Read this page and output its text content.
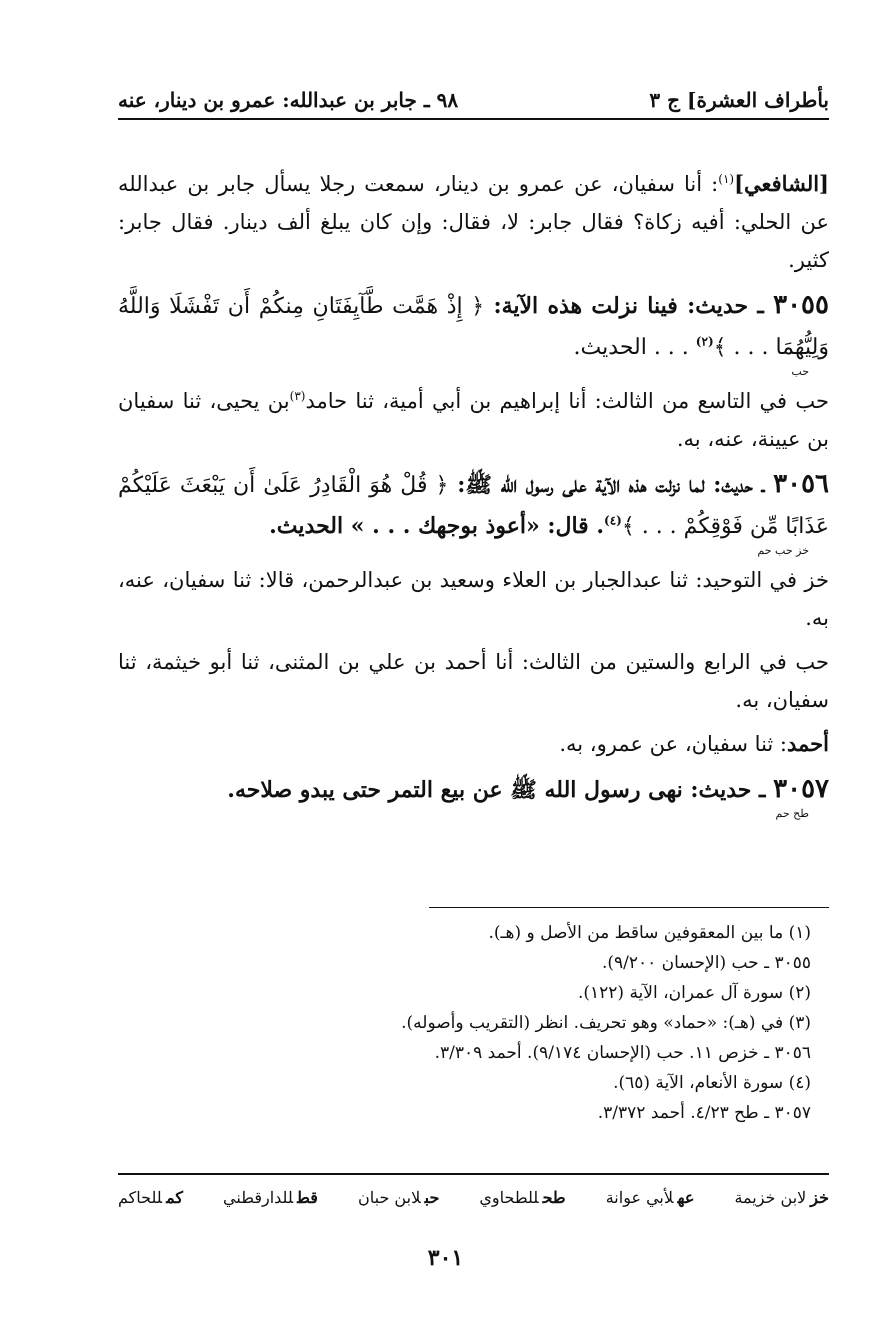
بأطراف العشرة] ج ٣
٩٨ ـ جابر بن عبدالله: عمرو بن دينار، عنه

[الشافعي]$^{(١)}$: أنا سفيان، عن عمرو بن دينار، سمعت رجلا يسأل جابر بن عبدالله عن الحلي: أفيه زكاة؟ فقال جابر: لا، فقال: وإن كان يبلغ ألف دينار. فقال جابر: كثير.

٣٠٥٥ ـ حديث: فينا نزلت هذه الآية: ﴿ إِذْ هَمَّت طَّآيِفَتَانِ مِنكُمْ أَن تَفْشَلَا وَاللَّهُ وَلِيُّهُمَا . . . ﴾$^{(٢)}$ . . . الحديث.
حب

حب في التاسع من الثالث: أنا إبراهيم بن أبي أمية، ثنا حامد$^{(٣)}$بن يحيى، ثنا سفيان بن عيينة، عنه، به.

٣٠٥٦ ـ حديث: لما نزلت هذه الآية على رسول الله ﷺ: ﴿ قُلْ هُوَ الْقَادِرُ عَلَىٰ أَن يَبْعَثَ عَلَيْكُمْ عَذَابًا مِّن فَوْقِكُمْ . . . ﴾$^{(٤)}$. قال: «أعوذ بوجهك . . . » الحديث.
خز حب حم

خز في التوحيد: ثنا عبدالجبار بن العلاء وسعيد بن عبدالرحمن، قالا: ثنا سفيان، عنه، به.

حب في الرابع والستين من الثالث: أنا أحمد بن علي بن المثنى، ثنا أبو خيثمة، ثنا سفيان، به.

أحمد: ثنا سفيان، عن عمرو، به.

٣٠٥٧ ـ حديث: نهى رسول الله ﷺ عن بيع التمر حتى يبدو صلاحه.
طح حم
(١) ما بين المعقوفين ساقط من الأصل و (هـ).
٣٠٥٥ ـ حب (الإحسان ٩/٢٠٠).
(٢) سورة آل عمران، الآية (١٢٢).
(٣) في (هـ): «حماد» وهو تحريف. انظر (التقريب وأصوله).
٣٠٥٦ ـ خزص ١١. حب (الإحسان ٩/١٧٤). أحمد ٣/٣٠٩.
(٤) سورة الأنعام، الآية (٦٥).
٣٠٥٧ ـ طح ٤/٢٣. أحمد ٣/٣٧٢.
خزلابن خزيمة
عهلأبي عوانة
طحللطحاوي
حبلابن حبان
قطللدارقطني
كمللحاكم
٣٠١
